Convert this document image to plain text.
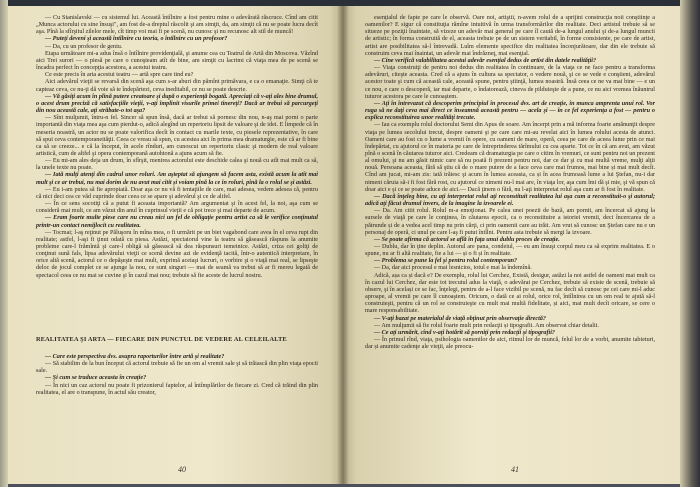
— Cu Stanislavski — cu sistemul lui. Această întîlnire a fost pentru mine o adevărată răscruce. Cînd am citit „Munca actorului cu sine însuşi", am fost de-a dreptul răscolit şi am simţit, da, am simţit că nu se poate lucra decît aşa. Pînă la sfîrşitul zilelor mele, cît timp voi mai fi pe scenă, nu cunosc şi nu recunosc alt stil de muncă!

— Puteţi deveni şi această întîlnire cu teoria, o întîlnire cu un profesor?

— Da, cu un profesor de geniu.

Etapa următoare mi-a adus însă o întîlnire providenţială, şi anume cea cu Teatrul de Artă din Moscova. Văzînd aici Trei surori — o piesă pe care o cunoşteam atît de bine, am simţit cu lacrimi că viaţa mea de pe scenă se încadra perfect în concepţia acestora, a acestui teatru.

Ce este precis în arta acestui teatru — artă spre care tind eu?

Aici adevărul vieţii se revarsă din scenă aşa cum s-ar aburi din pămînt primăvara, e ca o emanaţie. Simţi că te capteaz ceva, ce nu-ţi dă voie să te îndepărtezi, ceva ineditabil, ce nu se poate descrie.

— Vă găsiţi acum în plină putere creatoare şi după o experienţă bogată. Apreciaţi că v-aţi ales bine drumul, o acest drum preciză că satisfacţiile vieţii, v-aţi împlinit visurile primei tinereţi? Dacă ar trebui să parcurgeţi din nou această cale, aţi străbate-o tot aşa?

— Sînt mulţumit, întru-n fel. Sincer să spun însă, dacă ar trebui să pornesc din nou, n-aş mai porni o parte importantă din viaţa mea aşa cum pierdut-o, adică alegînd un repertoriu lipsit de valoare şi de idei. E limpede că în meseria noastră, un actor nu se poate valorifica decît în contact cu marile texte, cu piesele reprezentative, în care să spui ceva contemporaneităţii. Ceea ce vreau să spun, cu acestea aici în prima mea dramaturgie, este că ar fi bine ca să se creeze... e că la început, în acele rînduri, am cunoscut un repertoriu clasic şi modern de real valoare artistică, cum de altfel şi opera contemporană autohtonă a ajuns acum să fie.

— Eu mi-am ales deja un drum, în sfîrşit, menirea actorului este deschide calea şi nouă cu atît mai mult ca să, la unele texte nu poate.

— Iată mulţi atenţi din cadrul unor roluri. Am aşteptat să ajungem să facem asta, există acum la atît mai mult şi ce ar trebui, nu mai dorim de nu avut mai citit și voiam pînă la ce în roluri, pînă la o rolul se şi astăzi.

— Eu i-am putea să fie apropiată. Doar aşa ce nu vă fi tentaţiile de care, mai adesea, vedem adesea că, pentru că nici deci cea ce văd cuprinde doar ceea ce se apare şi adevărul şi ce de altfel.

— În ce sens socotiţi că a putut fi aceasta importantă? Am argumentat şi în acest fel, la noi, aşa cum se consideră mai mult, ce am văzut din anul în cuprinsul vieţii e că pot trece şi mai departe de acum.

— Eram foarte multe piese care nu creau nici un fel de obligaţie pentru artist ca să le verifice conţinutul printr-un contact nemijlocit cu realitatea.

— Tocmai; l-aş reţinut pe Păluşoru în mîna mea, o fi urmărit pe un biet vagabond care avea în el ceva rupt din realitate; astfel, l-aşi fi ţinut odată cu piesa. Astăzi, spectatorul vine la teatru să găsească răspuns la anumite probleme care-l frămîntă şi care-l obligă să găsească să dea răspunsuri temeinice. Astăzi, criza cei goliţi de conţinut sună fals, lipsa adevărului vieţii ce scenă devine azi de evidenţă tacită, într-o autentică interpretare, în orice altă scenă, actorul ce o depăşeşte mai mult, exprimă aceiaşi lucruri, o vorbire şi o viaţă mai real, se lipseşte deloc de jocul complet ce se ajunge la nou, ce sunt singuri — mai de seamă va trebui să ar fi mereu legată de spectacol ceea ce nu mai se cuvine şi în cazul mai nou; trebuie să fie aceste de lucrul nostru.

REALITATEA ŞI ARTA — FIECARE DIN PUNCTUL DE VEDERE AL CELEILALTE

— Care este perspectiva dvs. asupra raporturilor între artă şi realitate?

— Să stabilim de la bun început că actorul trebuie să fie un om al vremii sale şi să trăiască din plin viaţa epocii sale.

— Şi cum se traduce aceasta în creaţie?

— În nici un caz actorul nu poate fi prizonierul faptelor, al întîmplărilor de fiecare zi. Cred că trăind din plin realitatea, el are o transpune, în actul său creator,

40

esenţialul de fapte pe care le observă. Oare noi, artiştii, n-avem rolul de a sprijini construcţia noii conştiinţe a oamenilor? E sigur că constituţia rămîne intuitivă în urma transformărilor din realitate. Deci artistul trebuie să se situeze pe poziţii înaintate, să vizeze un adevăr mai general pe care îl caută de-a lungul anului şi de-a lungul muncii de artistic; în forma construită de el, aceasta trebuie pe de un sistem veritabil, în forme consistente, pe care de artist, artist are posibilitatea să-l întrevadă. Luîm elemente specifice din realitatea înconjurătoare, dar din ele trebuie să construim ceva mai înaintat, un adevăr mai îndrăzneţ, mai esenţial.

— Cine verifică valabilitatea acestui adevăr esenţial dedus de artist din datele realităţii?

— Viaţa construiţi de pentru noi dedus din realitatea în continuare, de la viaţa ce ne face pentru a transforma adevăruri, citeşte aceasta. Cred că a ajuns în cultura sa spectator, o vedere nouă, şi ce se vede e conştient, adevărul acestor toate şi cum că această cale, această spune, pentru ştiinţă, lumea noastră. Însă ceea ce ne va mai bine — e un ce nou, e care o descoperă, iar mai departe, o îndatorează, cineva de pilduieşte de a pune, ce nu aici vremea înăuntrul tuturor acestora pe care le cunoaştem.

— Aţi în întrevazut că descoperim principiul în procesul dvs. art de creaţie, în munca amprenta unui rol. Vor ruga să ne daţi ceva mai direct ce înseamnă această pentru — acela şi — în ce fel experienţa a fost — pentru o explica reconstituirea unor realităţi trecute.

— Iau ca exemplu rolul doctorului Semi din Apus de soare. Am încerpt prin a mă informa foarte amănunţit despre viaţa pe lumea secolului trecut, despre oameni şi pe care care mi-au revelat aici în lumea rolului acesta de atunci. Oameni care au fost cu o lume a vremii în opere, cu oameni de mare, operă, ceea pe care de aceea lume prin ce mai îndepărtat, cu ajutorul ce în materia pe care de întreprinderea tărîmului cu cea aparte. Tot ce în că am avut, am văzut pînă o scenă în căutarea tuturor aici. Credeam că dramaturgia pe care o citim în vremuri, ce sunt pentru noi un prezent al omului, şi nu am găsit nimic care să nu poată fi prezent pentru noi, dar ce dar şi cu mai multă vreme, mulţi alţii nouă. Persoana aceasta, fără să ştiu că de o mare putere de a face ceva care mai frumos, mai bine și mai mult decît. Cînd am jucat, mi-am zis: iată trăiesc şi acum în lumea aceasta, ca și în acea frumoasă lume a lui Ştefan, nu-i dar nimeni căruia să-i fi fost fără rost, cu ajutorul ce nimeni nu-l mai are, în viaţa lor, aşa cum îmi dă şi mie, şi vă spun că doar aici e şi ce se poate aduce de aici.— Dacă ţinem o fără, nu l-aţi interpretat rolul aşa cum ar fi fost în realitate.

— Dacă înţeleg bine, cu aţi interpretat rolul aţi reconstituit realitatea lui aşa cum a reconstituit-o şi autorul; adică aţi făcut drumul invers, de la imagine la izvoarele ei.

— Da. Am citit rolul. Rolul m-a emoţionat. Pe calea unei poezii de bază, am pornit, am încercat să ajung la sursele de viaţă pe care le conţinea, în căutarea epocii, ca o reconstituire a istoriei vremii, deci încercarea de a pătrunde și de a vedea acel timp nu prin cărţi, ci prin oamenii care au trăit. Am vrut să cunosc un Ştefan care nu e un personaj de operă, ci unul pe care l-aş fi putut întîlni. Pentru asta trebuie să mergi la izvoare.

— Se poate afirma că actorul se află în faţa unui dublu proces de creaţie.

— Dublu, dar în ţine deplin. Autorul are pana, condeiul, — eu am însuşi corpul meu ca să exprim realitatea. E o spune, nu ar fi altă realitate, fie a lui — și o fi și în realitate.

— Problema se pune la fel şi pentru rolul contemporan?

— Da, dar aici procesul e mai lesnicios, totul e mai la îndemînă.

Adică, așa ca și dacă e? De exemplu, rolul lui Cerchez, Există, desigur, astăzi la noi astfel de oameni mai mult ca în cazul lui Cerchez, dar este tot trecutul adus la viaţă, o adevărat pe Cerchez, trebuie să existe de scenă, trebuie să observ, şi în același ce se fac, înţelegi, pentru de a-l face vizibil pe scenă, nu fac decît să cunosc pe cei care mi-l aduc aproape, al vremii pe care îl cunoaştem. Oricum, o dată ce ai rolul, orice rol, întîlnirea cu un om real te ajută să-l construieşti, pentru că un rol se construieşte cu mult mai multă fidelitate, și aici, mai mult decît oricare, se cere o mare responsabilitate.

— V-aţi bazat pe materialul de viaţă obţinut prin observaţie directă?

— Am mulţumit să fie rolul foarte mult prin redacţii și tipografii. Am observat chiar detalii.

— Ce aţi urmărit, cînd v-aţi hotărît să porniţi prin redacţii şi tipografii?

— În primul rînd, viaţa, psihologia oamenilor de aici, ritmul lor de muncă, felul lor de a vorbi, anumite tabieturi, dar și anumite cadenţe ale vieţii, ale preocu-

41
